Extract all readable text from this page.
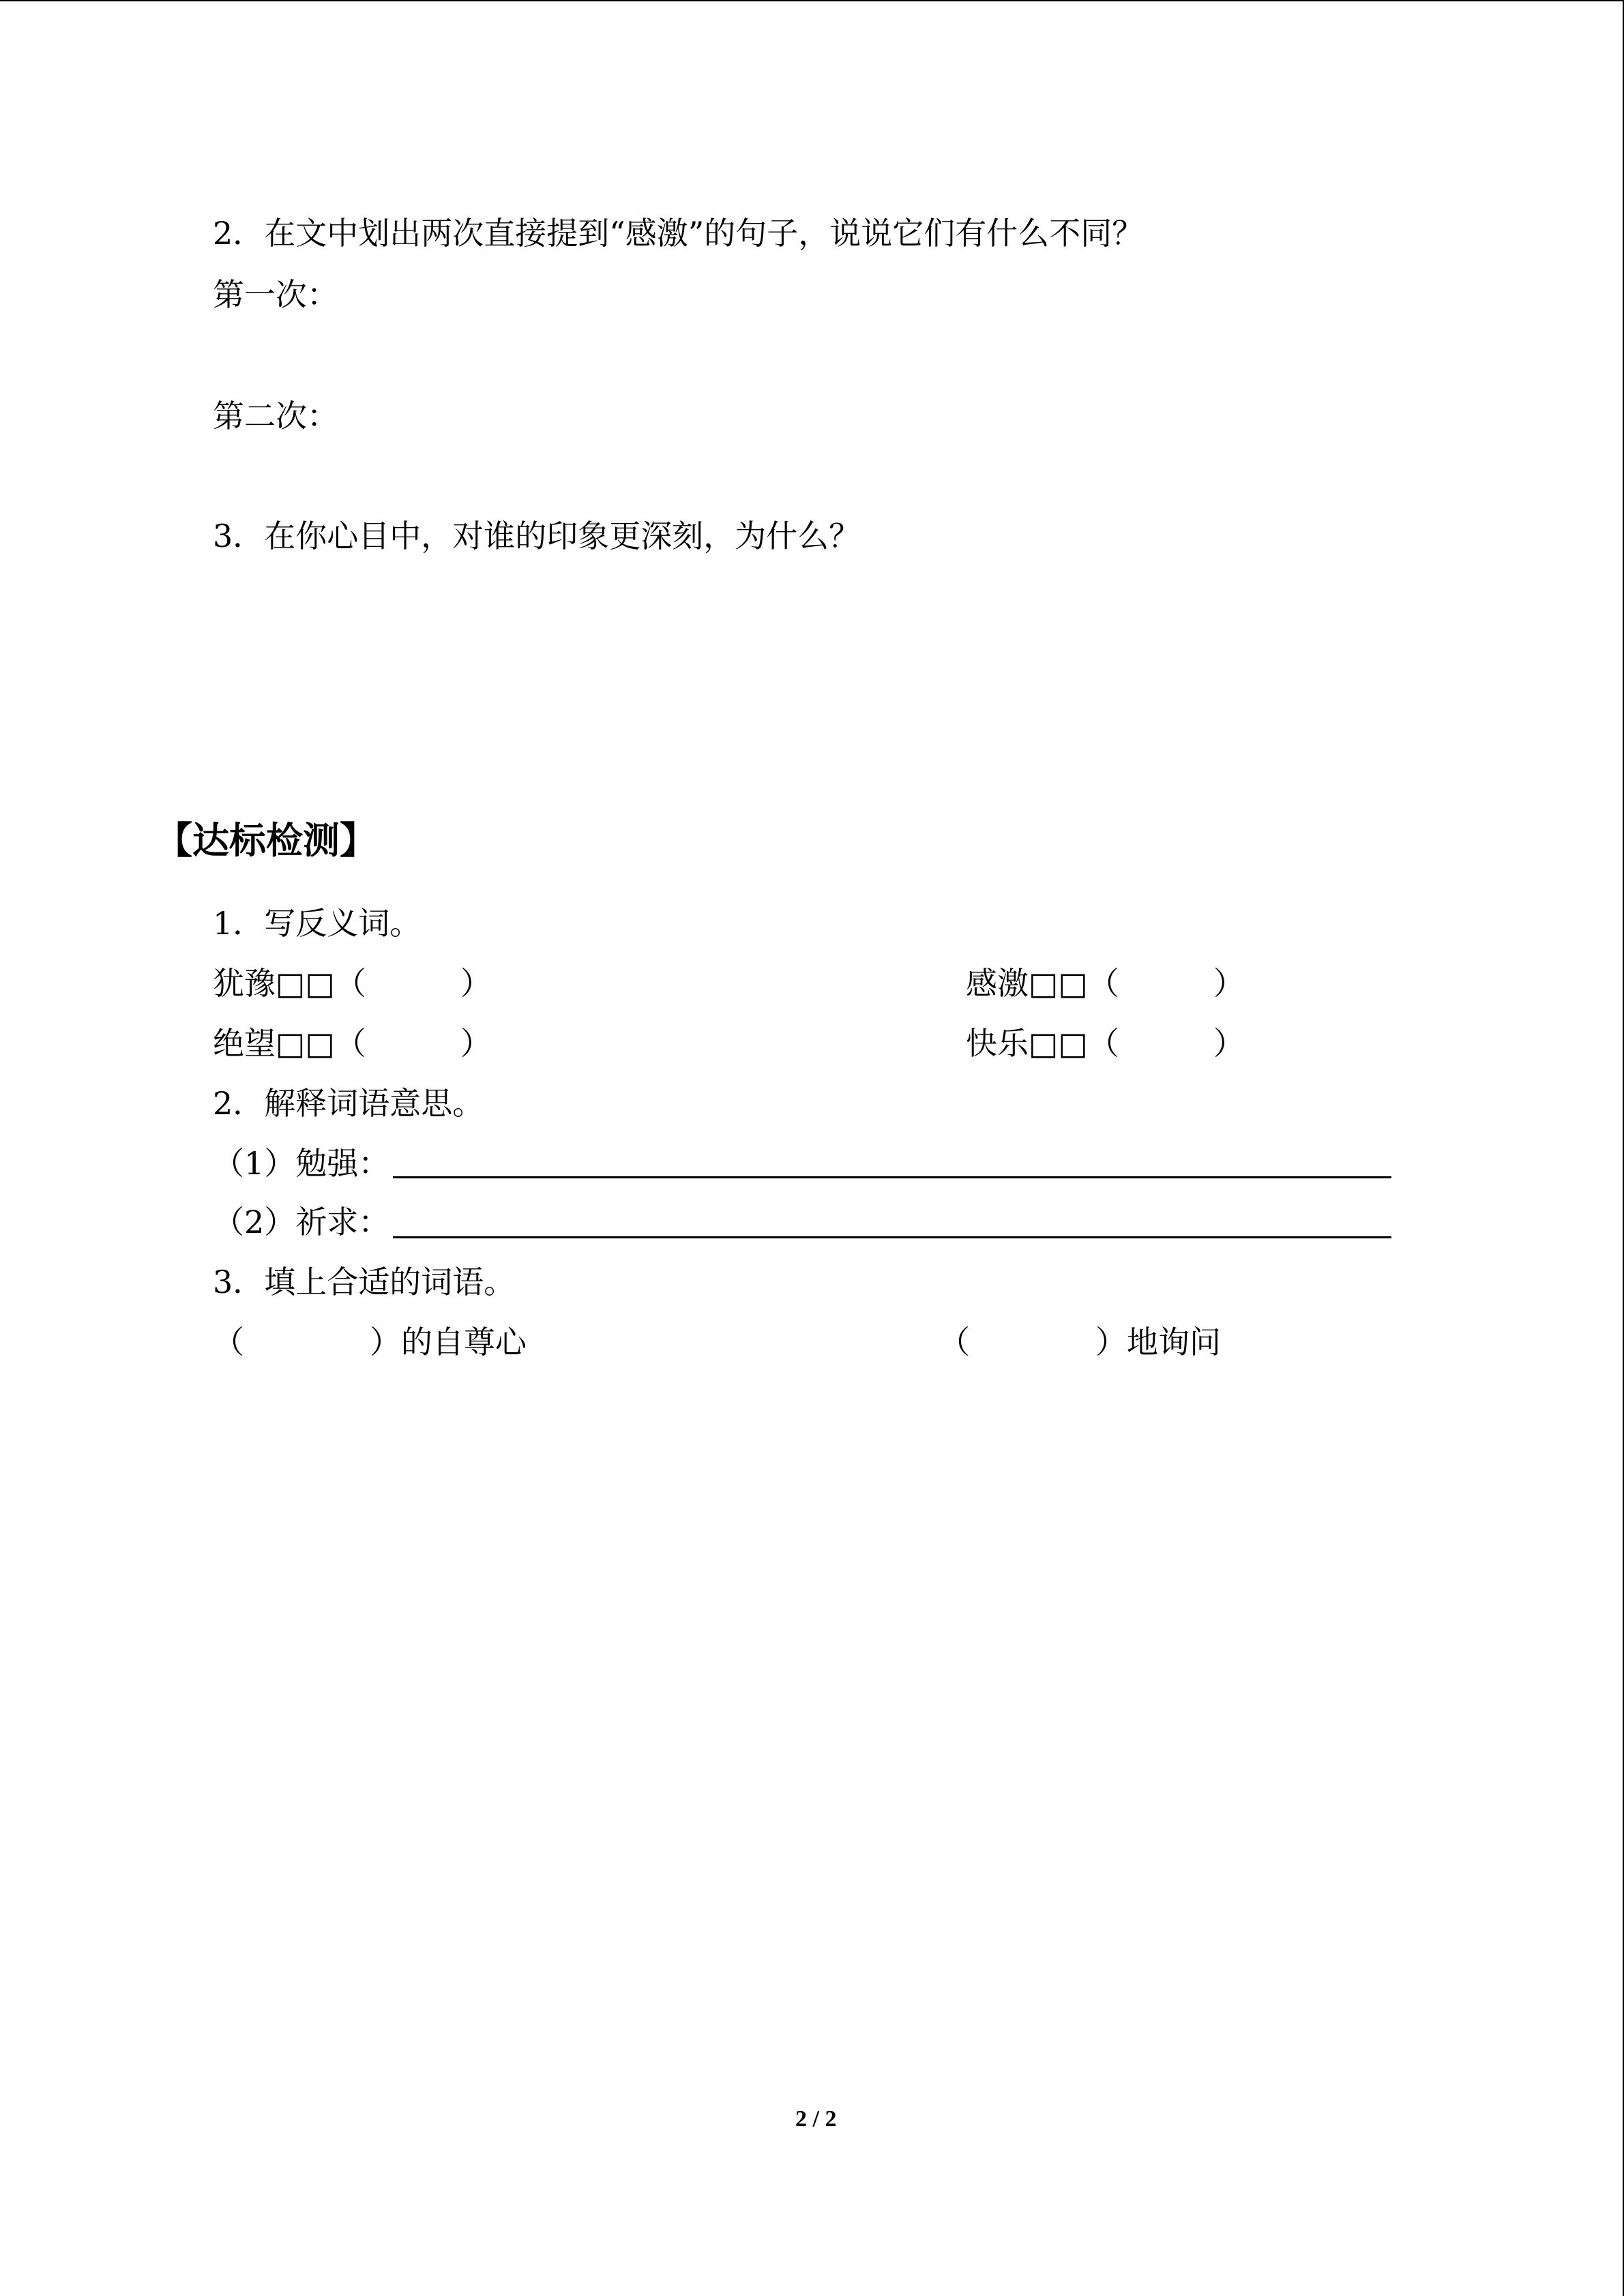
2．在文中划出两次直接提到“感激”的句子，说说它们有什么不同？
第一次：
第二次：
3．在你心目中，对谁的印象更深刻，为什么？
【达标检测】
1．写反义词。
犹豫□□（　　　）	感激□□（　　　）
绝望□□（　　　）	快乐□□（　　　）
2．解释词语意思。
（1）勉强：
（2）祈求：
3．填上合适的词语。
（　　　　）的自尊心	（　　　　）地询问
2 / 2
